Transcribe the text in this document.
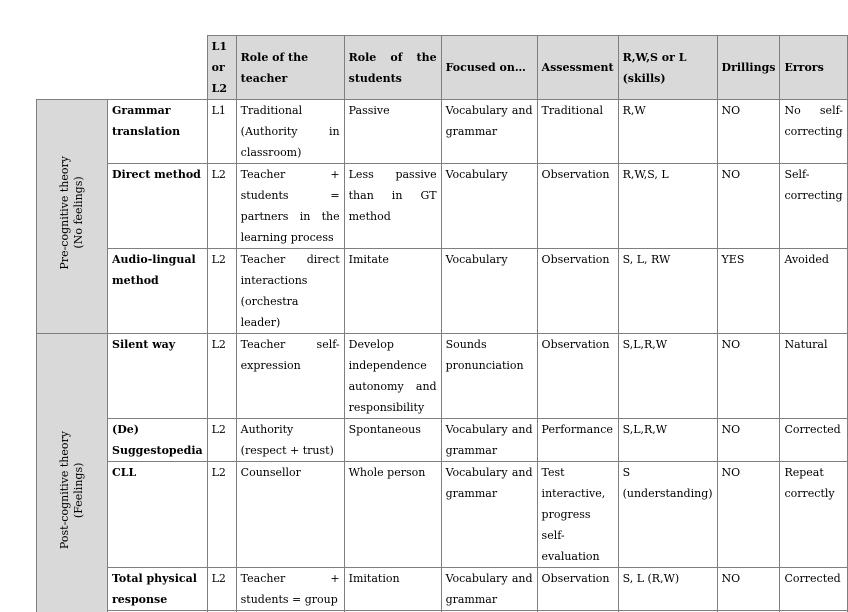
		L1 or L2	Role of the teacher	Role of the students	Focused on…	Assessment	R,W,S or L (skills)	Drillings	Errors
Pre-cognitive theory
(No feelings)	Grammar translation	L1	Traditional (Authority in classroom)	Passive	Vocabulary and grammar	Traditional	R,W	NO	No self-correcting
	Direct method	L2	Teacher + students = partners in the learning process	Less passive than in GT method	Vocabulary	Observation	R,W,S, L	NO	Self-correcting
	Audio-lingual method	L2	Teacher direct interactions (orchestra leader)	Imitate	Vocabulary	Observation	S, L, RW	YES	Avoided
Post-cognitive theory
(Feelings)	Silent way	L2	Teacher self-expression	Develop independence autonomy and responsibility	Sounds pronunciation	Observation	S,L,R,W	NO	Natural
	(De) Suggestopedia	L2	Authority (respect + trust)	Spontaneous	Vocabulary and grammar	Performance	S,L,R,W	NO	Corrected
	CLL	L2	Counsellor	Whole person	Vocabulary and grammar	Test interactive, progress self-evaluation	S (understanding)	NO	Repeat correctly
	Total physical response	L2	Teacher + students = group	Imitation	Vocabulary and grammar	Observation	S, L (R,W)	NO	Corrected
